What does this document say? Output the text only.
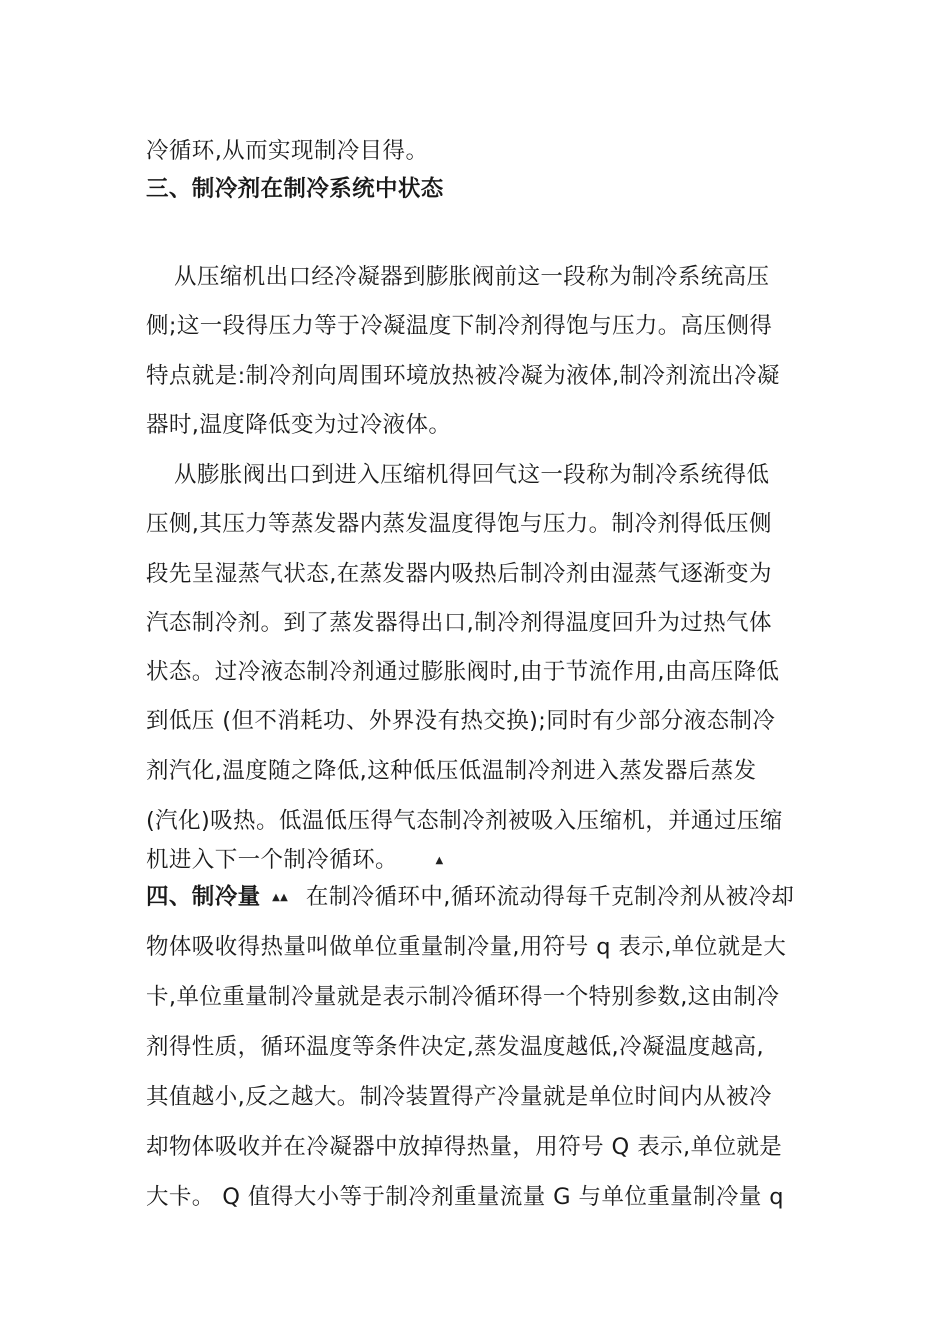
冷循环,从而实现制冷目得。
三、制冷剂在制冷系统中状态
从压缩机出口经冷凝器到膨胀阀前这一段称为制冷系统高压
侧;这一段得压力等于冷凝温度下制冷剂得饱与压力。高压侧得
特点就是:制冷剂向周围环境放热被冷凝为液体,制冷剂流出冷凝
器时,温度降低变为过冷液体。
从膨胀阀出口到进入压缩机得回气这一段称为制冷系统得低
压侧,其压力等蒸发器内蒸发温度得饱与压力。制冷剂得低压侧
段先呈湿蒸气状态,在蒸发器内吸热后制冷剂由湿蒸气逐渐变为
汽态制冷剂。到了蒸发器得出口,制冷剂得温度回升为过热气体
状态。过冷液态制冷剂通过膨胀阀时,由于节流作用,由高压降低
到低压 (但不消耗功、外界没有热交换);同时有少部分液态制冷
剂汽化,温度随之降低,这种低压低温制冷剂进入蒸发器后蒸发
(汽化)吸热。低温低压得气态制冷剂被吸入压缩机，并通过压缩
机进入下一个制冷循环。	▲
四、制冷量 ▲▲ 在制冷循环中,循环流动得每千克制冷剂从被冷却
物体吸收得热量叫做单位重量制冷量,用符号 q 表示,单位就是大
卡,单位重量制冷量就是表示制冷循环得一个特别参数,这由制冷
剂得性质，循环温度等条件决定,蒸发温度越低,冷凝温度越高,
其值越小,反之越大。制冷装置得产冷量就是单位时间内从被冷
却物体吸收并在冷凝器中放掉得热量，用符号 Q 表示,单位就是
大卡。 Q 值得大小等于制冷剂重量流量 G 与单位重量制冷量 q
